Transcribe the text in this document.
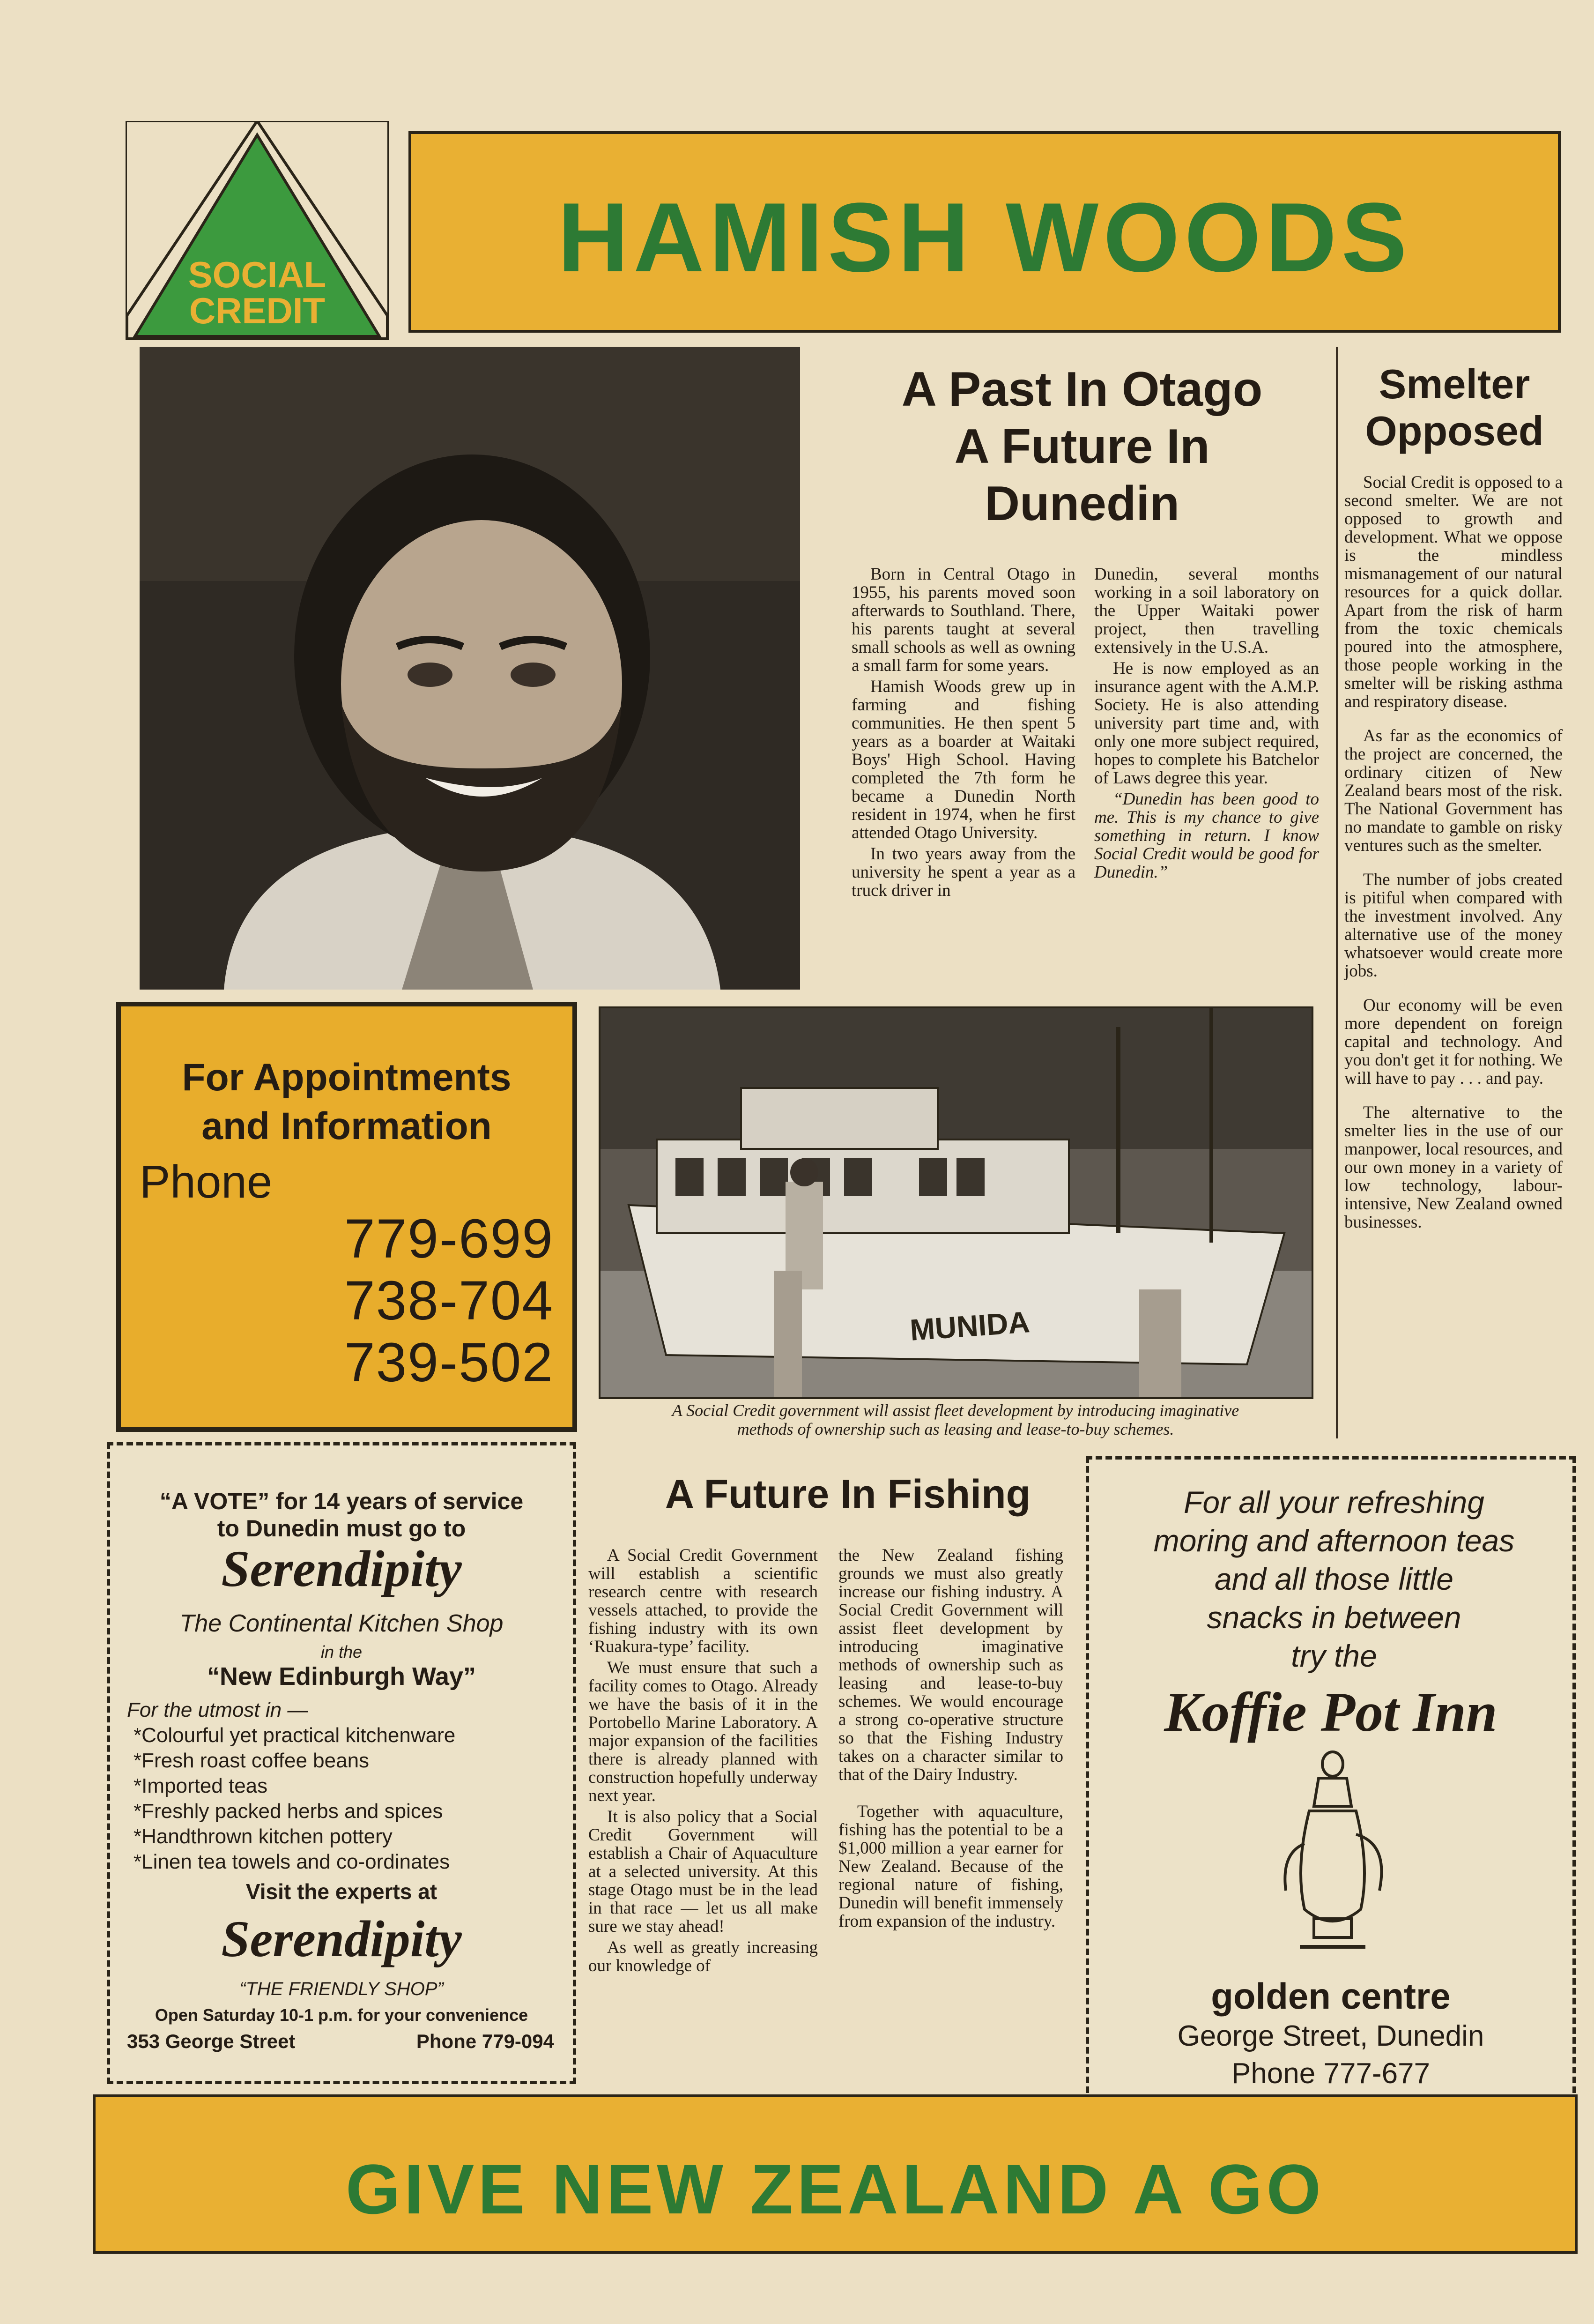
SOCIAL
CREDIT
HAMISH WOODS
A Past In Otago
A Future In
Dunedin

Born in Central Otago in 1955, his parents moved soon afterwards to Southland. There, his parents taught at several small schools as well as owning a small farm for some years.

Hamish Woods grew up in farming and fishing communities. He then spent 5 years as a boarder at Waitaki Boys' High School. Having completed the 7th form he became a Dunedin North resident in 1974, when he first attended Otago University.

In two years away from the university he spent a year as a truck driver in

Dunedin, several months working in a soil laboratory on the Upper Waitaki power project, then travelling extensively in the U.S.A.

He is now employed as an insurance agent with the A.M.P. Society. He is also attending university part time and, with only one more subject required, hopes to complete his Batchelor of Laws degree this year.

“Dunedin has been good to me. This is my chance to give something in return. I know Social Credit would be good for Dunedin.”

Smelter
Opposed

Social Credit is opposed to a second smelter. We are not opposed to growth and development. What we oppose is the mindless mismanagement of our natural resources for a quick dollar. Apart from the risk of harm from the toxic chemicals poured into the atmosphere, those people working in the smelter will be risking asthma and respiratory disease.

As far as the economics of the project are concerned, the ordinary citizen of New Zealand bears most of the risk. The National Government has no mandate to gamble on risky ventures such as the smelter.

The number of jobs created is pitiful when compared with the investment involved. Any alternative use of the money whatsoever would create more jobs.

Our economy will be even more dependent on foreign capital and technology. And you don't get it for nothing. We will have to pay . . . and pay.

The alternative to the smelter lies in the use of our manpower, local resources, and our own money in a variety of low technology, labour-intensive, New Zealand owned businesses.

For Appointments
and Information
Phone
779-699
738-704
739-502
MUNIDA
A Social Credit government will assist fleet development by introducing imaginative methods of ownership such as leasing and lease-to-buy schemes.
“A VOTE” for 14 years of service
to Dunedin must go to
Serendipity
The Continental Kitchen Shop
in the
“New Edinburgh Way”
For the utmost in —
*Colourful yet practical kitchenware
*Fresh roast coffee beans
*Imported teas
*Freshly packed herbs and spices
*Handthrown kitchen pottery
*Linen tea towels and co-ordinates
Visit the experts at
Serendipity
“THE FRIENDLY SHOP”
Open Saturday 10-1 p.m. for your convenience
353 George Street	Phone 779-094
A Future In Fishing

A Social Credit Government will establish a scientific research centre with research vessels attached, to provide the fishing industry with its own ‘Ruakura-type’ facility.

We must ensure that such a facility comes to Otago. Already we have the basis of it in the Portobello Marine Laboratory. A major expansion of the facilities there is already planned with construction hopefully underway next year.

It is also policy that a Social Credit Government will establish a Chair of Aquaculture at a selected university. At this stage Otago must be in the lead in that race — let us all make sure we stay ahead!

As well as greatly increasing our knowledge of

the New Zealand fishing grounds we must also greatly increase our fishing industry. A Social Credit Government will assist fleet development by introducing imaginative methods of ownership such as leasing and lease-to-buy schemes. We would encourage a strong co-operative structure so that the Fishing Industry takes on a character similar to that of the Dairy Industry.

Together with aquaculture, fishing has the potential to be a $1,000 million a year earner for New Zealand. Because of the regional nature of fishing, Dunedin will benefit immensely from expansion of the industry.

For all your refreshing
moring and afternoon teas
and all those little
snacks in between
try the
Koffie Pot Inn
golden centre
George Street, Dunedin
Phone 777-677
GIVE NEW ZEALAND A GO
